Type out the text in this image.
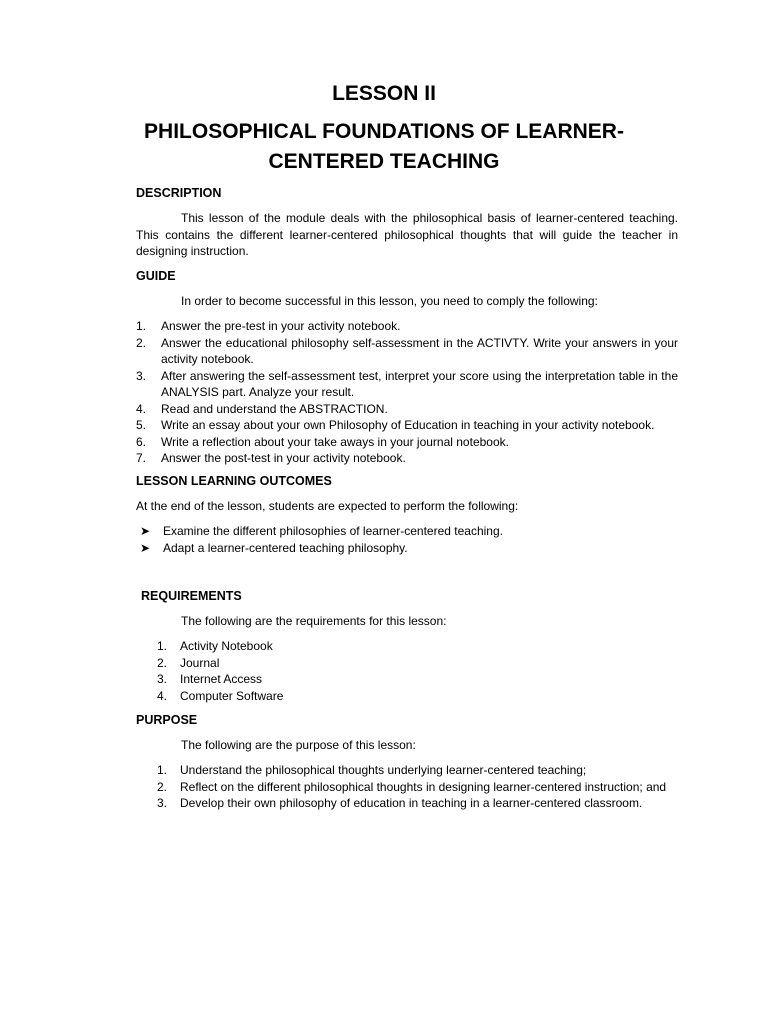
LESSON II
PHILOSOPHICAL FOUNDATIONS OF LEARNER-
CENTERED TEACHING
DESCRIPTION
This lesson of the module deals with the philosophical basis of learner-centered teaching. This contains the different learner-centered philosophical thoughts that will guide the teacher in designing instruction.
GUIDE
In order to become successful in this lesson, you need to comply the following:
1.	Answer the pre-test in your activity notebook.
2.	Answer the educational philosophy self-assessment in the ACTIVTY. Write your answers in your activity notebook.
3.	After answering the self-assessment test, interpret your score using the interpretation table in the ANALYSIS part. Analyze your result.
4.	Read and understand the ABSTRACTION.
5.	Write an essay about your own Philosophy of Education in teaching in your activity notebook.
6.	Write a reflection about your take aways in your journal notebook.
7.	Answer the post-test in your activity notebook.
LESSON LEARNING OUTCOMES
At the end of the lesson, students are expected to perform the following:
➤	Examine the different philosophies of learner-centered teaching.
➤	Adapt a learner-centered teaching philosophy.
REQUIREMENTS
The following are the requirements for this lesson:
1.	Activity Notebook
2.	Journal
3.	Internet Access
4.	Computer Software
PURPOSE
The following are the purpose of this lesson:
1.	Understand the philosophical thoughts underlying learner-centered teaching;
2.	Reflect on the different philosophical thoughts in designing learner-centered instruction; and
3.	Develop their own philosophy of education in teaching in a learner-centered classroom.
